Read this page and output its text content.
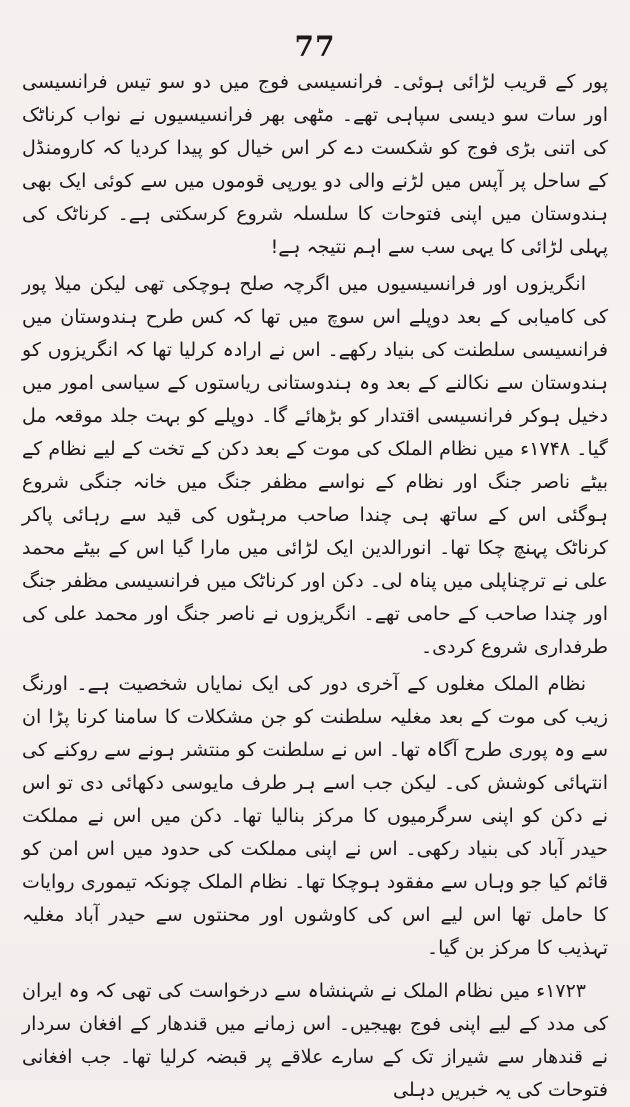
77

پور کے قریب لڑائی ہوئی۔ فرانسیسی فوج میں دو سو تیس فرانسیسی اور سات سو دیسی سپاہی تھے۔ مٹھی بھر فرانسیسیوں نے نواب کرناٹک کی اتنی بڑی فوج کو شکست دے کر اس خیال کو پیدا کردیا کہ کارومنڈل کے ساحل پر آپس میں لڑنے والی دو یورپی قوموں میں سے کوئی ایک بھی ہندوستان میں اپنی فتوحات کا سلسلہ شروع کرسکتی ہے۔ کرناٹک کی پہلی لڑائی کا یہی سب سے اہم نتیجہ ہے!

انگریزوں اور فرانسیسیوں میں اگرچہ صلح ہوچکی تھی لیکن میلا پور کی کامیابی کے بعد دوپلے اس سوچ میں تھا کہ کس طرح ہندوستان میں فرانسیسی سلطنت کی بنیاد رکھے۔ اس نے ارادہ کرلیا تھا کہ انگریزوں کو ہندوستان سے نکالنے کے بعد وہ ہندوستانی ریاستوں کے سیاسی امور میں دخیل ہوکر فرانسیسی اقتدار کو بڑھائے گا۔ دوپلے کو بہت جلد موقعہ مل گیا۔ ۱۷۴۸ء میں نظام الملک کی موت کے بعد دکن کے تخت کے لیے نظام کے بیٹے ناصر جنگ اور نظام کے نواسے مظفر جنگ میں خانہ جنگی شروع ہوگئی اس کے ساتھ ہی چندا صاحب مرہٹوں کی قید سے رہائی پاکر کرناٹک پہنچ چکا تھا۔ انورالدین ایک لڑائی میں مارا گیا اس کے بیٹے محمد علی نے ترچناپلی میں پناہ لی۔ دکن اور کرناٹک میں فرانسیسی مظفر جنگ اور چندا صاحب کے حامی تھے۔ انگریزوں نے ناصر جنگ اور محمد علی کی طرفداری شروع کردی۔

نظام الملک مغلوں کے آخری دور کی ایک نمایاں شخصیت ہے۔ اورنگ زیب کی موت کے بعد مغلیہ سلطنت کو جن مشکلات کا سامنا کرنا پڑا ان سے وہ پوری طرح آگاہ تھا۔ اس نے سلطنت کو منتشر ہونے سے روکنے کی انتہائی کوشش کی۔ لیکن جب اسے ہر طرف مایوسی دکھائی دی تو اس نے دکن کو اپنی سرگرمیوں کا مرکز بنالیا تھا۔ دکن میں اس نے مملکت حیدر آباد کی بنیاد رکھی۔ اس نے اپنی مملکت کی حدود میں اس امن کو قائم کیا جو وہاں سے مفقود ہوچکا تھا۔ نظام الملک چونکہ تیموری روایات کا حامل تھا اس لیے اس کی کاوشوں اور محنتوں سے حیدر آباد مغلیہ تہذیب کا مرکز بن گیا۔

۱۷۲۳ء میں نظام الملک نے شہنشاہ سے درخواست کی تھی کہ وہ ایران کی مدد کے لیے اپنی فوج بھیجیں۔ اس زمانے میں قندھار کے افغان سردار نے قندھار سے شیراز تک کے سارے علاقے پر قبضہ کرلیا تھا۔ جب افغانی فتوحات کی یہ خبریں دہلی
